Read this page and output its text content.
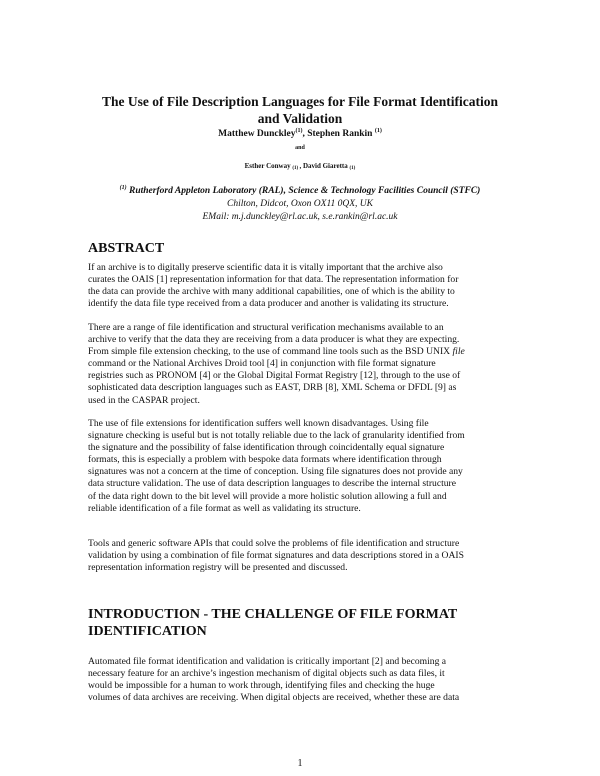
The Use of File Description Languages for File Format Identification
and Validation
Matthew Dunckley$^{(1)}$, Stephen Rankin $^{(1)}$
and
Esther Conway $_{(1)}$ , David Giaretta $_{(1)}$
$^{(1)}$ Rutherford Appleton Laboratory (RAL), Science & Technology Facilities Council (STFC)
Chilton, Didcot, Oxon OX11 0QX, UK
EMail: m.j.dunckley@rl.ac.uk, s.e.rankin@rl.ac.uk
ABSTRACT
If an archive is to digitally preserve scientific data it is vitally important that the archive also
curates the OAIS [1] representation information for that data. The representation information for
the data can provide the archive with many additional capabilities, one of which is the ability to
identify the data file type received from a data producer and another is validating its structure.
There are a range of file identification and structural verification mechanisms available to an
archive to verify that the data they are receiving from a data producer is what they are expecting.
From simple file extension checking, to the use of command line tools such as the BSD UNIX file
command or the National Archives Droid tool [4] in conjunction with file format signature
registries such as PRONOM [4] or the Global Digital Format Registry [12], through to the use of
sophisticated data description languages such as EAST, DRB [8], XML Schema or DFDL [9] as
used in the CASPAR project.
The use of file extensions for identification suffers well known disadvantages. Using file
signature checking is useful but is not totally reliable due to the lack of granularity identified from
the signature and the possibility of false identification through coincidentally equal signature
formats, this is especially a problem with bespoke data formats where identification through
signatures was not a concern at the time of conception. Using file signatures does not provide any
data structure validation. The use of data description languages to describe the internal structure
of the data right down to the bit level will provide a more holistic solution allowing a full and
reliable identification of a file format as well as validating its structure.
Tools and generic software APIs that could solve the problems of file identification and structure
validation by using a combination of file format signatures and data descriptions stored in a OAIS
representation information registry will be presented and discussed.
INTRODUCTION - THE CHALLENGE OF FILE FORMAT
IDENTIFICATION
Automated file format identification and validation is critically important [2] and becoming a
necessary feature for an archive’s ingestion mechanism of digital objects such as data files, it
would be impossible for a human to work through, identifying files and checking the huge
volumes of data archives are receiving. When digital objects are received, whether these are data
1
